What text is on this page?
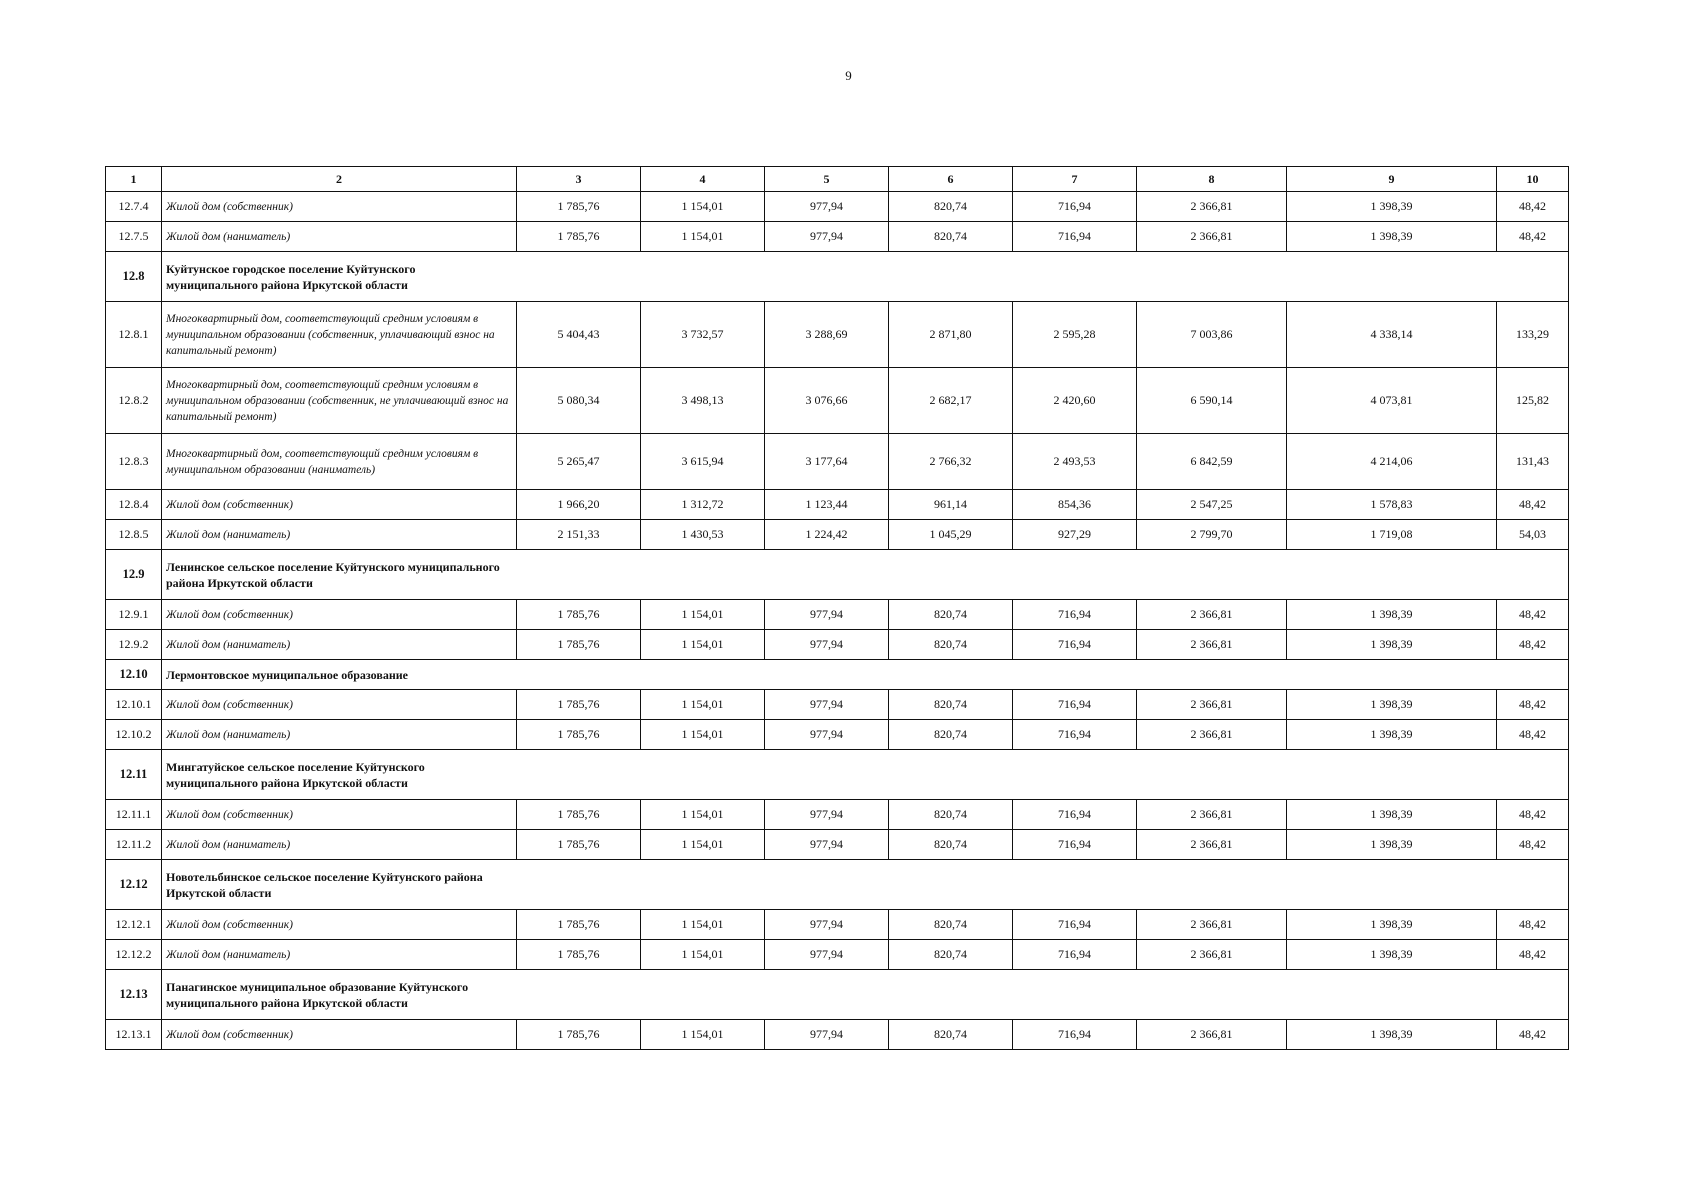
9
1	2	3	4	5	6	7	8	9	10
12.7.4	Жилой дом (собственник)	1 785,76	1 154,01	977,94	820,74	716,94	2 366,81	1 398,39	48,42
12.7.5	Жилой дом (наниматель)	1 785,76	1 154,01	977,94	820,74	716,94	2 366,81	1 398,39	48,42
12.8	Куйтунское городское поселение Куйтунского муниципального района Иркутской области								

12.8.1	Многоквартирный дом, соответствующий средним условиям в муниципальном образовании (собственник, уплачивающий взнос на капитальный ремонт)	5 404,43	3 732,57	3 288,69	2 871,80	2 595,28	7 003,86	4 338,14	133,29
12.8.2	Многоквартирный дом, соответствующий средним условиям в муниципальном образовании (собственник, не уплачивающий взнос на капитальный ремонт)	5 080,34	3 498,13	3 076,66	2 682,17	2 420,60	6 590,14	4 073,81	125,82
12.8.3	Многоквартирный дом, соответствующий средним условиям в муниципальном образовании (наниматель)	5 265,47	3 615,94	3 177,64	2 766,32	2 493,53	6 842,59	4 214,06	131,43
12.8.4	Жилой дом (собственник)	1 966,20	1 312,72	1 123,44	961,14	854,36	2 547,25	1 578,83	48,42
12.8.5	Жилой дом (наниматель)	2 151,33	1 430,53	1 224,42	1 045,29	927,29	2 799,70	1 719,08	54,03
12.9	Ленинское сельское поселение Куйтунского муниципального района Иркутской области								

12.9.1	Жилой дом (собственник)	1 785,76	1 154,01	977,94	820,74	716,94	2 366,81	1 398,39	48,42
12.9.2	Жилой дом (наниматель)	1 785,76	1 154,01	977,94	820,74	716,94	2 366,81	1 398,39	48,42
12.10	Лермонтовское муниципальное образование								

12.10.1	Жилой дом (собственник)	1 785,76	1 154,01	977,94	820,74	716,94	2 366,81	1 398,39	48,42
12.10.2	Жилой дом (наниматель)	1 785,76	1 154,01	977,94	820,74	716,94	2 366,81	1 398,39	48,42
12.11	Мингатуйское сельское поселение Куйтунского муниципального района Иркутской области								

12.11.1	Жилой дом (собственник)	1 785,76	1 154,01	977,94	820,74	716,94	2 366,81	1 398,39	48,42
12.11.2	Жилой дом (наниматель)	1 785,76	1 154,01	977,94	820,74	716,94	2 366,81	1 398,39	48,42
12.12	Новотельбинское сельское поселение Куйтунского района Иркутской области								

12.12.1	Жилой дом (собственник)	1 785,76	1 154,01	977,94	820,74	716,94	2 366,81	1 398,39	48,42
12.12.2	Жилой дом (наниматель)	1 785,76	1 154,01	977,94	820,74	716,94	2 366,81	1 398,39	48,42
12.13	Панагинское муниципальное образование Куйтунского муниципального района Иркутской области								

12.13.1	Жилой дом (собственник)	1 785,76	1 154,01	977,94	820,74	716,94	2 366,81	1 398,39	48,42
